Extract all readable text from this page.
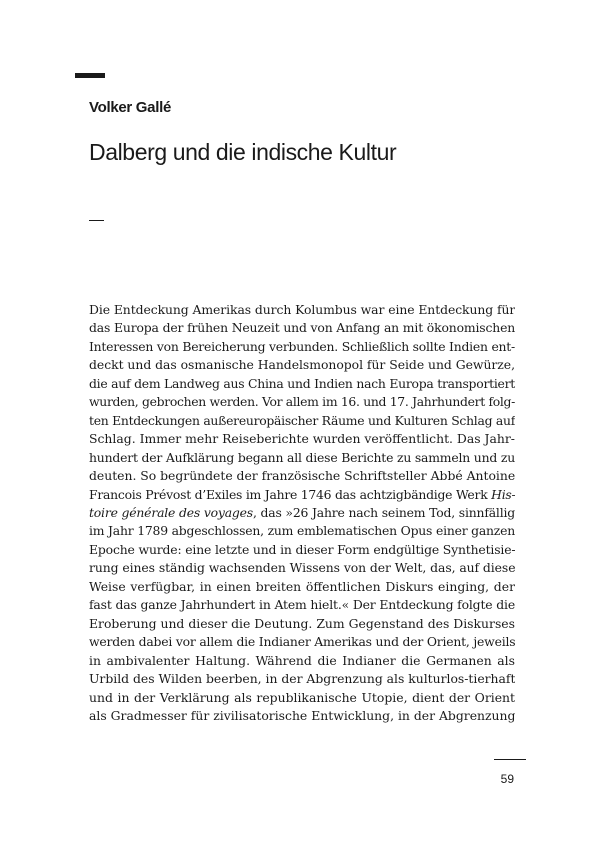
Volker Gallé
Dalberg und die indische Kultur
Die Entdeckung Amerikas durch Kolumbus war eine Entdeckung für
das Europa der frühen Neuzeit und von Anfang an mit ökonomischen
Interessen von Bereicherung verbunden. Schließlich sollte Indien ent-
deckt und das osmanische Handelsmonopol für Seide und Gewürze,
die auf dem Landweg aus China und Indien nach Europa transportiert
wurden, gebrochen werden. Vor allem im 16. und 17. Jahrhundert folg-
ten Entdeckungen außereuropäischer Räume und Kulturen Schlag auf
Schlag. Immer mehr Reiseberichte wurden veröffentlicht. Das Jahr-
hundert der Aufklärung begann all diese Berichte zu sammeln und zu
deuten. So begründete der französische Schriftsteller Abbé Antoine
Francois Prévost d’Exiles im Jahre 1746 das achtzigbändige Werk His-
toire générale des voyages, das »26 Jahre nach seinem Tod, sinnfällig
im Jahr 1789 abgeschlossen, zum emblematischen Opus einer ganzen
Epoche wurde: eine letzte und in dieser Form endgültige Synthetisie-
rung eines ständig wachsenden Wissens von der Welt, das, auf diese
Weise verfügbar, in einen breiten öffentlichen Diskurs einging, der
fast das ganze Jahrhundert in Atem hielt.« Der Entdeckung folgte die
Eroberung und dieser die Deutung. Zum Gegenstand des Diskurses
werden dabei vor allem die Indianer Amerikas und der Orient, jeweils
in ambivalenter Haltung. Während die Indianer die Germanen als
Urbild des Wilden beerben, in der Abgrenzung als kulturlos-tierhaft
und in der Verklärung als republikanische Utopie, dient der Orient
als Gradmesser für zivilisatorische Entwicklung, in der Abgrenzung
59
